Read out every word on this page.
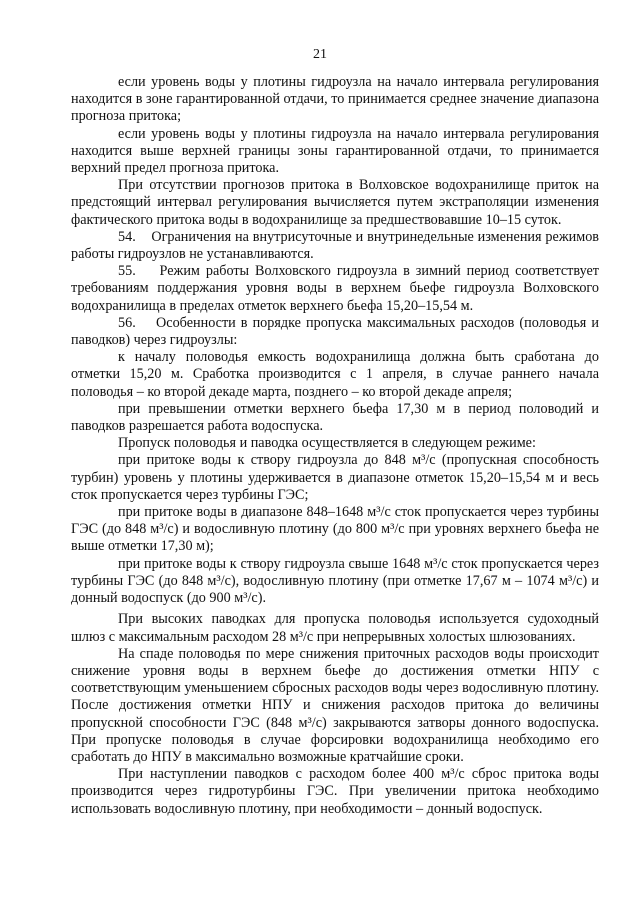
21

если уровень воды у плотины гидроузла на начало интервала регулирования находится в зоне гарантированной отдачи, то принимается среднее значение диапазона прогноза притока;

если уровень воды у плотины гидроузла на начало интервала регулирования находится выше верхней границы зоны гарантированной отдачи, то принимается верхний предел прогноза притока.

При отсутствии прогнозов притока в Волховское водохранилище приток на предстоящий интервал регулирования вычисляется путем экстраполяции изменения фактического притока воды в водохранилище за предшествовавшие 10–15 суток.

54.    Ограничения на внутрисуточные и внутринедельные изменения режимов работы гидроузлов не устанавливаются.

55.    Режим работы Волховского гидроузла в зимний период соответствует требованиям поддержания уровня воды в верхнем бьефе гидроузла Волховского водохранилища в пределах отметок верхнего бьефа 15,20–15,54 м.

56.    Особенности в порядке пропуска максимальных расходов (половодья и паводков) через гидроузлы:

к началу половодья емкость водохранилища должна быть сработана до отметки 15,20 м. Сработка производится с 1 апреля, в случае раннего начала половодья – ко второй декаде марта, позднего – ко второй декаде апреля;

при превышении отметки верхнего бьефа 17,30 м в период половодий и паводков разрешается работа водоспуска.

Пропуск половодья и паводка осуществляется в следующем режиме:

при притоке воды к створу гидроузла до 848 м³/с (пропускная способность турбин) уровень у плотины удерживается в диапазоне отметок 15,20–15,54 м и весь сток пропускается через турбины ГЭС;

при притоке воды в диапазоне 848–1648 м³/с сток пропускается через турбины ГЭС (до 848 м³/с) и водосливную плотину (до 800 м³/с при уровнях верхнего бьефа не выше отметки 17,30 м);

при притоке воды к створу гидроузла свыше 1648 м³/с сток пропускается через турбины ГЭС (до 848 м³/с), водосливную плотину (при отметке 17,67 м – 1074 м³/с) и донный водоспуск (до 900 м³/с).

При высоких паводках для пропуска половодья используется судоходный шлюз с максимальным расходом 28 м³/с при непрерывных холостых шлюзованиях.

На спаде половодья по мере снижения приточных расходов воды происходит снижение уровня воды в верхнем бьефе до достижения отметки НПУ с соответствующим уменьшением сбросных расходов воды через водосливную плотину. После достижения отметки НПУ и снижения расходов притока до величины пропускной способности ГЭС (848 м³/с) закрываются затворы донного водоспуска. При пропуске половодья в случае форсировки водохранилища необходимо его сработать до НПУ в максимально возможные кратчайшие сроки.

При наступлении паводков с расходом более 400 м³/с сброс притока воды производится через гидротурбины ГЭС. При увеличении притока необходимо использовать водосливную плотину, при необходимости – донный водоспуск.
